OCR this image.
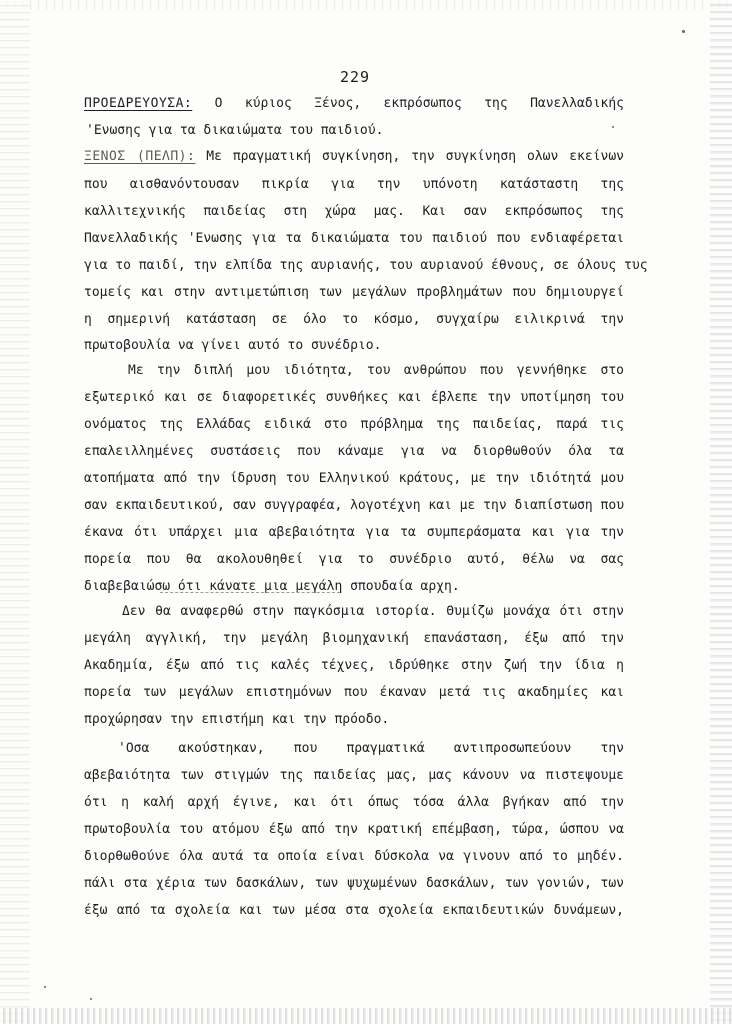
229
ΠΡΟΕΔΡΕΥΟΥΣΑ: Ο κύριος Ξένος, εκπρόσωπος της Πανελλαδικής
'Ενωσης για τα δικαιώματα του παιδιού.
ΞΕΝΟΣ (ΠΕΛΠ): Με πραγματική συγκίνηση, την συγκίνηση ολων εκείνων
που αισθανόντουσαν πικρία για την υπόνοτη κατάσταστη της
καλλιτεχνικής παιδείας στη χώρα μας. Και σαν εκπρόσωπος της
Πανελλαδικής 'Ενωσης για τα δικαιώματα του παιδιού που ενδιαφέρεται
για το παιδί, την ελπίδα της αυριανής, του αυριανού έθνους, σε όλους τυς
τομείς και στην αντιμετώπιση των μεγάλων προβλημάτων που δημιουργεί
η σημερινή κατάσταση σε όλο το κόσμο, συγχαίρω ειλικρινά την
πρωτοβουλία να γίνει αυτό το συνέδριο.
Με την διπλή μου ιδιότητα, του ανθρώπου που γεννήθηκε στο
εξωτερικό και σε διαφορετικές συνθήκες και έβλεπε την υποτίμηση του
ονόματος της Ελλάδας ειδικά στο πρόβλημα της παιδείας, παρά τις
επαλειλλημένες συστάσεις που κάναμε για να διορθωθούν όλα τα
ατοπήματα από την ίδρυση του Ελληνικού κράτους, με την ιδιότητά μου
σαν εκπαιδευτικού, σαν συγγραφέα, λογοτέχνη και με την διαπίστωση που
έκανα ότι υπάρχει μια αβεβαιότητα για τα συμπεράσματα και για την
πορεία που θα ακολουθηθεί για το συνέδριο αυτό, θέλω να σας
διαβεβαιώσω ότι κάνατε μια μεγάλη σπουδαία αρχη.
Δεν θα αναφερθώ στην παγκόσμια ιστορία. Θυμίζω μονάχα ότι στην
μεγάλη αγγλική, την μεγάλη βιομηχανική επανάσταση, έξω από την
Ακαδημία, έξω από τις καλές τέχνες, ιδρύθηκε στην ζωή την ίδια η
πορεία των μεγάλων επιστημόνων που έκαναν μετά τις ακαδημίες και
προχώρησαν την επιστήμη και την πρόοδο.
'Οσα ακούστηκαν, που πραγματικά αντιπροσωπεύουν την
αβεβαιότητα των στιγμών της παιδείας μας, μας κάνουν να πιστεψουμε
ότι η καλή αρχή έγινε, και ότι όπως τόσα άλλα βγήκαν από την
πρωτοβουλία του ατόμου έξω από την κρατική επέμβαση, τώρα, ώσπου να
διορθωθούνε όλα αυτά τα οποία είναι δύσκολα να γινουν από το μηδέν.
πάλι στα χέρια των δασκάλων, των ψυχωμένων δασκάλων, των γονιών, των
έξω από τα σχολεία και των μέσα στα σχολεία εκπαιδευτικών δυνάμεων,
